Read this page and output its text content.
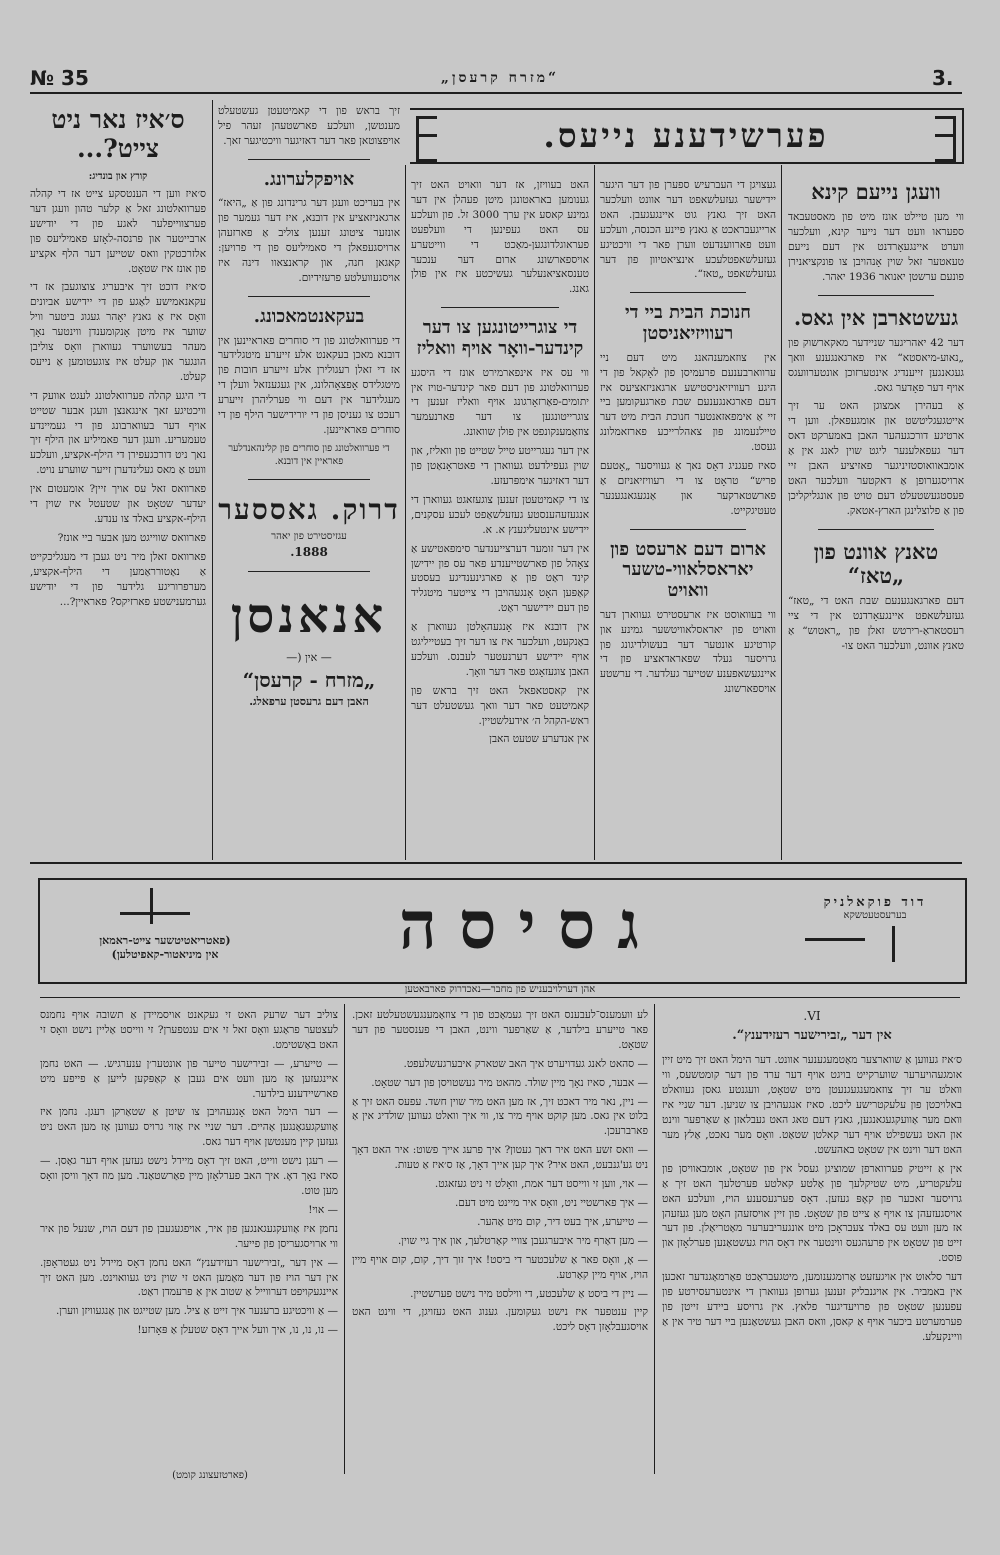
№ 35	„מזרח קרעסן“	3.
פערשידענע נייעס.
וועגן נייעם קינא

ווי מען טיילט אונז מיט פון מאסטעבאד ספעראו וועט דער נייער קינא, וועלכער ווערט איינגעאָרדנט אין דעם נייעם טעאטער זאל שוין אָנהויבן צו פונקציאנירן פונעם ערשטן יאנואר 1936 יאהר.

געשטארבן אין גאס.

דער 42 יאהריגער שניידער מאקארשוק פון „נאוע-מיאסטא“ איז פארגאנגענע וואך געגאנגען זייענדיג אינטערזוכן אונטערוועגס אויף דער פאָדער גאס.

אַ בעהירן אמצוגן האט ער זיך אייטגעגליטשט און אומגעפאלן. ווען די ארטיגע דורכגעהער האבן באמערקט דאס דער געפאלענער ליגט שוין לאנג אין אַ אומבאוואוסטזיניגער פאזיציע האבן זיי ארויסגערופן אַ דאקטער וועלכער האט פעסטגעשטעלט דעם טויט פון אונגליקליכן פון אַ פלוצלינגן הארץ-אטאק.

טאנץ אוונט פון „טאז“

דעם פארגאנגענעם שבת האט די „טאז“ געזעלשאפט איינגעאָרדנט אין די ציי רעסטאראַ-רירטש זאלן פון „ראטוש“ אַ טאנץ אוונט, וועלכער האט צו-

געצויגן די העברעיש ספערן פון דער היגער יידישער געזעלשאפט דער אוונט וועלכער האט זיך גאנץ גוט איינגעגעבן. האט ארייגעבראכט אַ גאנץ פיינע הכנסה, וועלכע וועט פארווענדעט ווערן פאר די וויכטיגע געזעלשאפטלעכע אינציאטיוון פון דער געזעלשאפט „טאז“.

חנוכת הבית ביי די רעוויזיאניסטן

אין צוזאמענהאנג מיט דעם ניי ערווארבענעם פרעמיסן פון לאָקאל פון די היגע רעוויזיאניסטישע ארגאניזאציעס איז דעם פארגאנגענעם שבת פארגעקומען ביי זיי אַ אימפאזאנטער חנוכת הבית מיט דער טיילנעמונג פון צאהלרייכע פארזאמלונג געסט.

סאיז פעגניג דאָס נאך אַ געוויסער „אָטעם פריש“ טראָט צו די רעוויזיאניזם אַ פארשטארקער און אַנגעגאנגענער טעטיגקייט.

ארום דעם ארעסט פון יאראסלאווי-טשער וואויט

ווי בעוואוסט איז ארעסטירט געווארן דער וואויט פון יאראסלאוויטשער גמינע און קורטיגע אונטער דער בעשולדיגונג פון גרויסער געלד שפאראדאציע פון די איינגעשאפענע שטייער געלדער. די ערשטע אויספארשונג

האט בעוויזן, אז דער וואויט האט זיך גענומען באראטונגן מיטן פעהלן אין דער גמינע קאסע אין ערך 3000 זל. פון וועלכע עס האט געפינען די וועלפעט פעראוגלדונגען-מאַכט די ווייטערע אויספארשונג ארום דער ענכער טענסאציאנעלער געשיכטע איז אין פולן גאנג.

די צוגרייטונגען צו דער קינדער-וואָר אויף וואליז

ווי עס איז אינפארמירט אונז די היסגע פערוואלטונג פון דעם פאר קינדער-טויז אין יתומים-פאַרזאָרגונג אויף וואליז זענען די צוגרייטונגען צו דער פארנעמער צוזאַמענקונפט אין פולן שוואונג.

אין דער געגרייטע טייל שטייט פון וואליז, און שוין געפילדעט געווארן די פאטראָנאַטן פון דער דאזיגער אימפּרעזע.

צו די קאמיטעטן זענען צוגעזאגט געווארן די אנגעזעהענסטע געזעלשאַפט לעכע עסקנים, יידישע אינטעליגענץ א. א.

אין דער זומער דערצייענדער סימפאטישע אַ צאָהל פון פארשטייענדע פאר עס פון יידישן קינד ראַט פון אַ פארגינענדיגע בעסטע קאַפּען האָט אָנגעהויבן די צייטער מיטגליד פון דעם יידישער ראַט.

אין דובנא איז אָנגעהאָלטן געווארן אַ באַנקעט, וועלכער איז צו דער זיך בעטייליגט אויף יידישע דערנעטער לעבנס. וועלכע האבן צוגעזאָגט פאר דער וואָך.

אין קאסטאפאל האט זיך בראש פון קאמיטעט פאר דער וואך געשטעלט דער ראש-הקהל ה׳ אידעלשטיין.

אין אנדערע שטעט האבן

זיך בראש פון די קאמיטעטן געשטעלט מענטשן, וועלכע פארשטעהן זעהר פיל אויפצוטאן פאר דער דאזיגער וויכטיגער זאך.

אויפקלערונג.

אין בעריכט וועגן דער גרינדונג פון אַ „היאז“ ארגאניזאציע אין דובנא, איז דער געמער פון אונזער ציטונג זענען צוליב אַ פארזעהן ארויסגעפאלן די סאמיליעס פון די פרויען: קאגאן חנה, און קראנצאוו דינה איז אויסגעוועלטע פרעזידיום.

בעקאנטמאכונג.

די פערוואלטונג פון די סוחרים פאראיינען אין דובנא מאכן בעקאנט אלע זייערע מיטגלידער אז די זאלן רעגולירן אלע זייערע חובות פון מיטגלידס אָפצאָהלונג, אין געגענזאל וועלן די מעגלידער אין דעם ווי פערליהרן זייערע רעכט צו געניסן פון די יורידישער הילף פון די סוחרים פאראיינען.

די פערוואלטונג פון סוחרים פון קלינהאנדלער פאראיין אין דובנא.
דרוק. גאססער
עגזיסטירט פון יאהר
1888.
אנאנסן
— אין (—
„מזרח - קרעסן“
האבן דעם גרעסטן ערפאלג.
ס׳איז נאר ניט צייט?...
קורץ און בונדיג:

ס׳איז ווען די הענטסקע צייט אז די קהלה פערוואלטונג זאל אַ קלער טהון וועגן דער פערצווייפלער לאגע פון די יודישע ארבייטער און פרנסה-לאָזע פאמיליעס פון אלזרכטקין וואס שטייען דער הלף אקציע פון אונז איז שטאָט.

ס׳איז דוכט זיך איבעריג צוצוגעבן אז די עקאנאמישע לאַגע פון די יידישע אביונים וואָס איז אַ גאנץ יאָהר געגוג ביטער וויל שווער איז מיטן אָנקומענדן ווינטער נאָך מעהר בעשווערד געווארן וואָס צוליבן הונגער און קעלט איז צוגעטומען אַ נייעס קעלט.

די היגע קהלה פערוואלטונג לעגט אוועק די וויכטיגע זאך אינגאנצן וועגן אבער שטייט אויף דער בעווארבונג פון די געמיינדע טעמעריע. וועגן דער פאמיליע און הילף זיך נאך ניט דורכגעפירן די הילף-אקציע, וועלכע וועט אַ מאס געלינדערן זייער שווערע נויט.

פארוואס זאל עס אויך זיין? אומעטום אין יעדער שטאָט און שטעטל איז שוין די הילף-אקציע באלד צו ענדע.

פארוואס שווייגט מען אבער ביי אונז?

פארוואס זאלן מיר ניט געבן די מעגליכקייט אַ נאַטורראַמען די הילף-אקציע, מערפרוריגע גלידער פון די יודישע גערמענישטע פארזיקס? פאראיין?...

גסיסה	דוד פוקאלניק
בערעסטעטשקא
(פאטריאטיטשער צייט-ראמאן
אין מיניאטור-קאפיטלען)
אהן דערלויבעניש פון מחבר—נאכדרוק פארבאטען
VI.
אין דער „זבירישער רעזידענץ“.

ס׳איז געווען אַ שווארצער מאַטמעגענער אוונט. דער הימל האט זיך מיט זיין אומגעהויערער שווערקייט בויגט אויף דער ערד פון דער קומטשעס, ווי וואלט ער זיך צוזאמענגעגנעטן מיט שטאָט, וועגנטע גאסן געוואלט באלויכטן פון עלעקטרישע ליכט. סאיז אנגעהויבן צו שניען. דער שניי איז וואם מער אַוועקגעגאנגען, גאנץ דעם טאג האט געבלאזן אַ שאַרפער ווינט און האט געשפילט אויף דער קאלטן שטאַט. וואָס מער נאכט, אַלץ מער האט דער ווינט אין שטאָט באהעשט.

אין אַ זייטיק פערווארפן שמוציגן געסל אין פון שטאָט, אומבאוויסן פון עלעקטריע, מיט שטיקלעך פון אַלטע קאלטע פערטלעך האט זיך אַ גרויסער זאכער פון קאָפּ געזען. דאָס פערגעסענע הויז, וועלכע האט אויסגעזעהן צו אויף אַ צייט פון שטאָט. פון זיין אויסזעהן האָט מען געזעהן אז מען וועט עס באלד צעבראָכן מיט אונגעריבערער מאַטריאַלן. פון דער זייט פון שטאָט אין פרעהגעס ווינטער איז דאָס הויז געשטאַנען פערלאָזן און פוסט.

דער סלאוט אין אויגעזעט אַרומגענומען, מיטגעבראַכט פאַרמאַגנדער זאכען אין באמביר. אין אויגנבליק זענען גערופן געווארן די אינטערעסירטע פון עפענען שטאָט פון פרויעדיגער פלאץ. אין גרויסע ביידע זייטן פון פערמערטע ביכער אויף אַ קאסן, וואס האבן געשטאַנען ביי דער טיר אין אַ וויינקעלע.

לע וועמענס־לעבענס האט זיך געמאַכט פון די צוזאַמענגעשטעלטע זאכן. פאר טייערע בילדער, אַ שאַרפער ווינט, האבן די פענסטער פון דער שטאָט.

— סהאט לאנג געדויערט איך האב שטארק איבערגעשלעפט.

— אבער, סאיז נאָך מיין שולד. מהאט מיר געשטויסן פון דער שטאָט.

— ניין, נאר מיר דאכט זיך, אז מען האט מיר שוין חשד. עפעס האט זיך אַ בלוט אין גאס. מען קוקט אויף מיר צו, ווי איך וואלט געווען שולדיג אין אַ פארברעכן.

— וואס זשע האט איר דאך געטון? איך פרעג אייך פשוט: איר האט דאָך ניט גע'גנבעט, האט איר? איך קען אייך דאָך, אַז ס׳איז אַ טעות.

— אוי, ווען זי ווייסט דער אמת, וואָלט זי ניט געזאגט.

— איך פארשטיי ניט, וואָס איר מיינט מיט דעם.

— טייערע, איך בעט דיר, קום מיט אַהער.

— מען דאַרף מיר איבערגעבן צוויי קאַרטלעך, און איך גיי שוין.

— אָ, וואָס פאר אַ שלעכטער די ביסט! איך זוך דיך, קום, קום אויף מיין הויז, אויף מיין קאַרטע.

— ניין די ביסט אַ שלעכטע, די ווילסט מיר נישט פערשטיין.

קיין ענטפער איז נישט געקומען. גענוג האט געזויגן, די ווינט האט אויסגעבלאָזן דאָס ליכט.

צוליב דער שרעק האט זי געקאנט אויסמיידן אַ תשובה אויף נחמנס לעצטער פראַגע וואָס זאל זי אים ענטפערן? זי ווייסט אַליין נישט וואָס זי האט באַשטימט.

— טייערע, — זבירישער טייער פון אונטער׳ן ענערגיש. — האט נחמן איינגעזען אַז מען וועט אים געבן אַ קאַפּקען לייען אַ פייפע מיט פארשיידענע בילדער.

— דער הימל האט אָנגעהויבן צו שיטן אַ שטאַרקן רעגן. נחמן איז אַוועקגעגאַנגען אַהיים. דער שניי איז אַזוי גרויס געווען אַז מען האט ניט געזען קיין מענטשן אויף דער גאס.

— רעגן נישט ווייט, האט זיך דאָס מיידל נישט געזען אויף דער גאַסן. — סאיז נאָך דאָ. איך האב פערלאָזן מיין פאַרשטאַנד. מען מוז דאָך וויסן וואָס מען טוט.

— אוי!

נחמן איז אַוועקגעגאנגען פון איר, אויפגעגעבן פון דעם הויז, שנעל פון איר ווי ארויסגעריסן פון פייער.

— אין דער „זבירישער רעזידענץ“ האט נחמן דאָס מיידל ניט געטראָפן. אין דער הויז פון דער מאַמען האט זי שוין ניט געוואוינט. מען האט זיך איינגעקויפט דערווייל אַ שטוב אין אַ פרעמדן ראַט.

— אַ וויכטיגע ברענער איך זייט אַ ציל. מען שטייגט און אַנגעוויזן ווערן.

— נו, נו, נו, איך וועל אייך דאָס שטעלן אַ פּאָרזע!

(פארטזעצונג קומט)
